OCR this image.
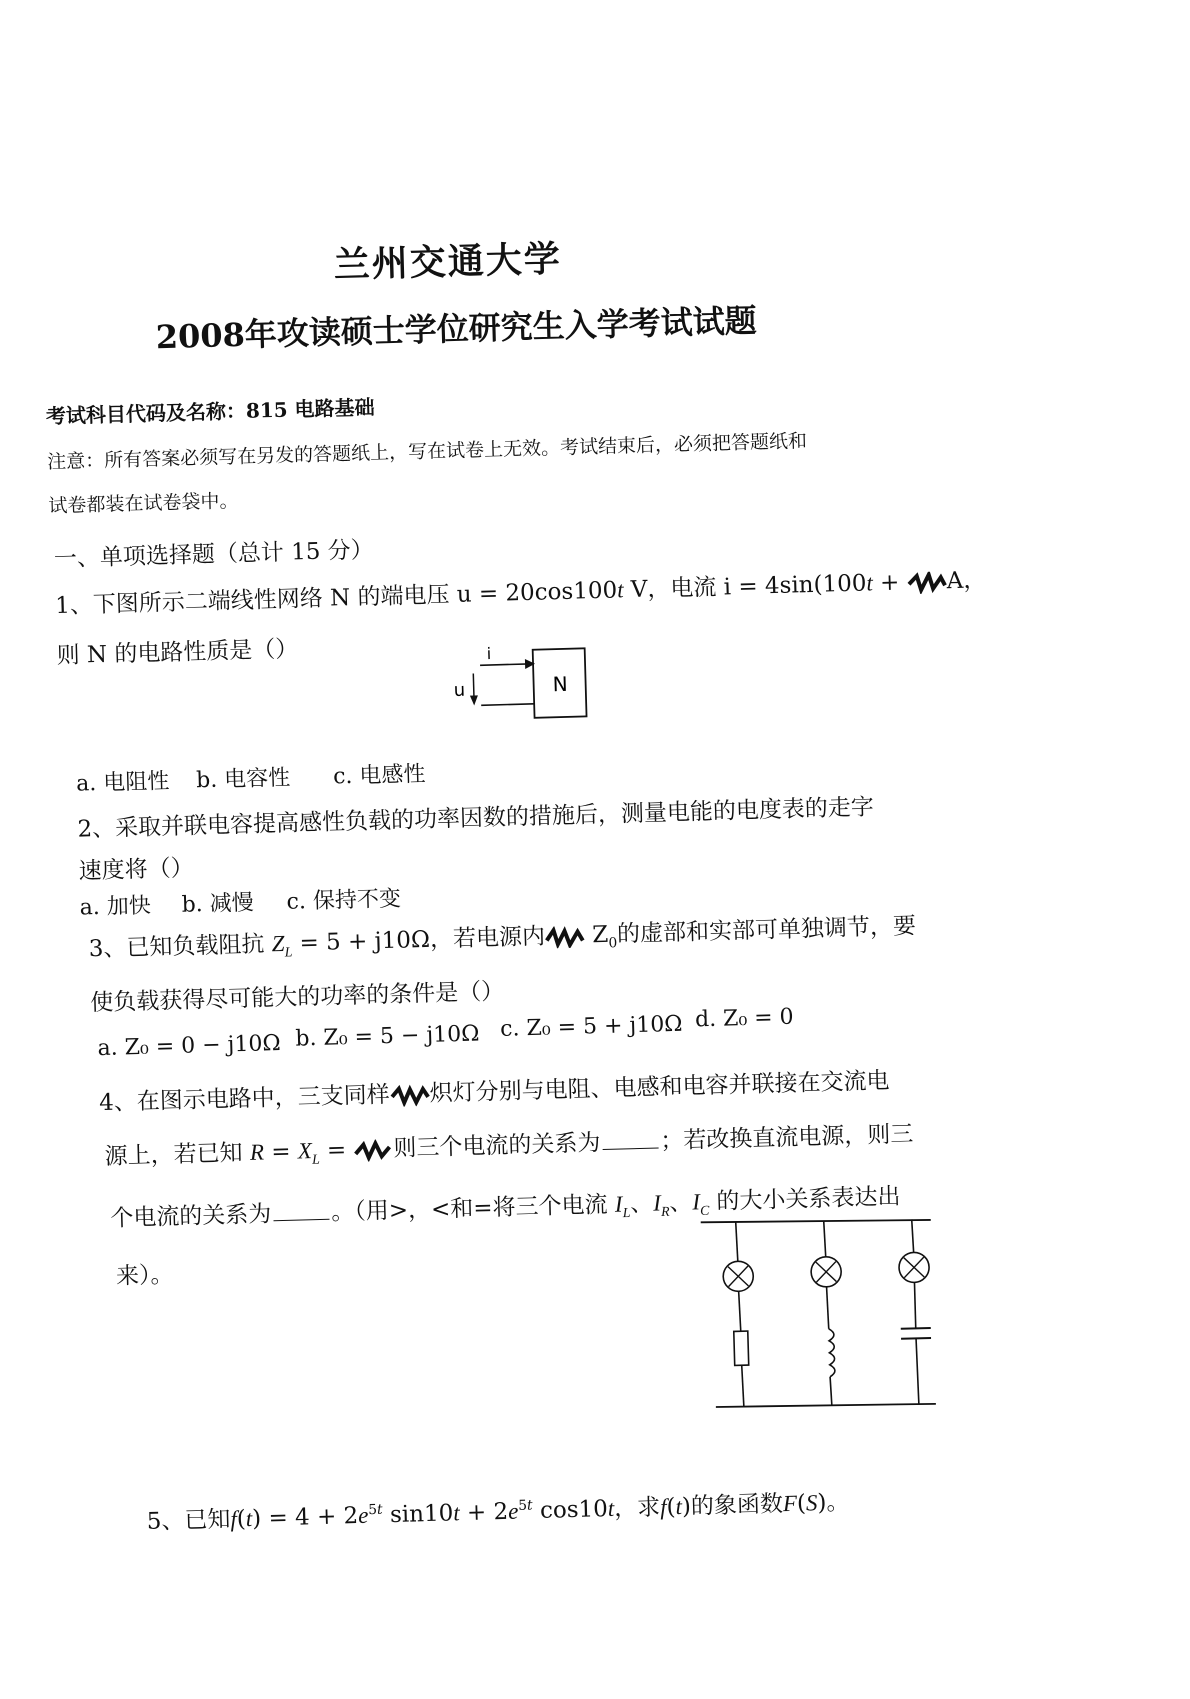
兰州交通大学
2008年攻读硕士学位研究生入学考试试题
考试科目代码及名称：815 电路基础
注意：所有答案必须写在另发的答题纸上，写在试卷上无效。考试结束后，必须把答题纸和
试卷都装在试卷袋中。
一、单项选择题（总计 15 分）
1、下图所示二端线性网络 N 的端电压 u = 20cos100t V，电流 i = 4sin(100t + A，
则 N 的电路性质是（）	i
u	N
a. 电阻性 b. 电容性 c. 电感性
2、采取并联电容提高感性负载的功率因数的措施后，测量电能的电度表的走字
速度将（）
a. 加快 b. 减慢 c. 保持不变
3、已知负载阻抗 $Z_L = 5 + j10\Omega$，若电源内 $Z_0$的虚部和实部可单独调节，要
使负载获得尽可能大的功率的条件是（）
a. Z₀ = 0 − j10Ω b. Z₀ = 5 − j10Ω c. Z₀ = 5 + j10Ω d. Z₀ = 0
4、在图示电路中，三支同样 炽灯分别与电阻、电感和电容并联接在交流电
源上，若已知 $R = X_L$ = 则三个电流的关系为	；若改换直流电源，则三
个电流的关系为	。（用>，<和=将三个电流 $I_L$、$I_R$、$I_C$ 的大小关系表达出
来）。
5、已知$f(t) = 4 + 2e^{5t}$ $\sin 10t + 2e^{5t}$ cos10t，求f(t)的象函数F(S)。
